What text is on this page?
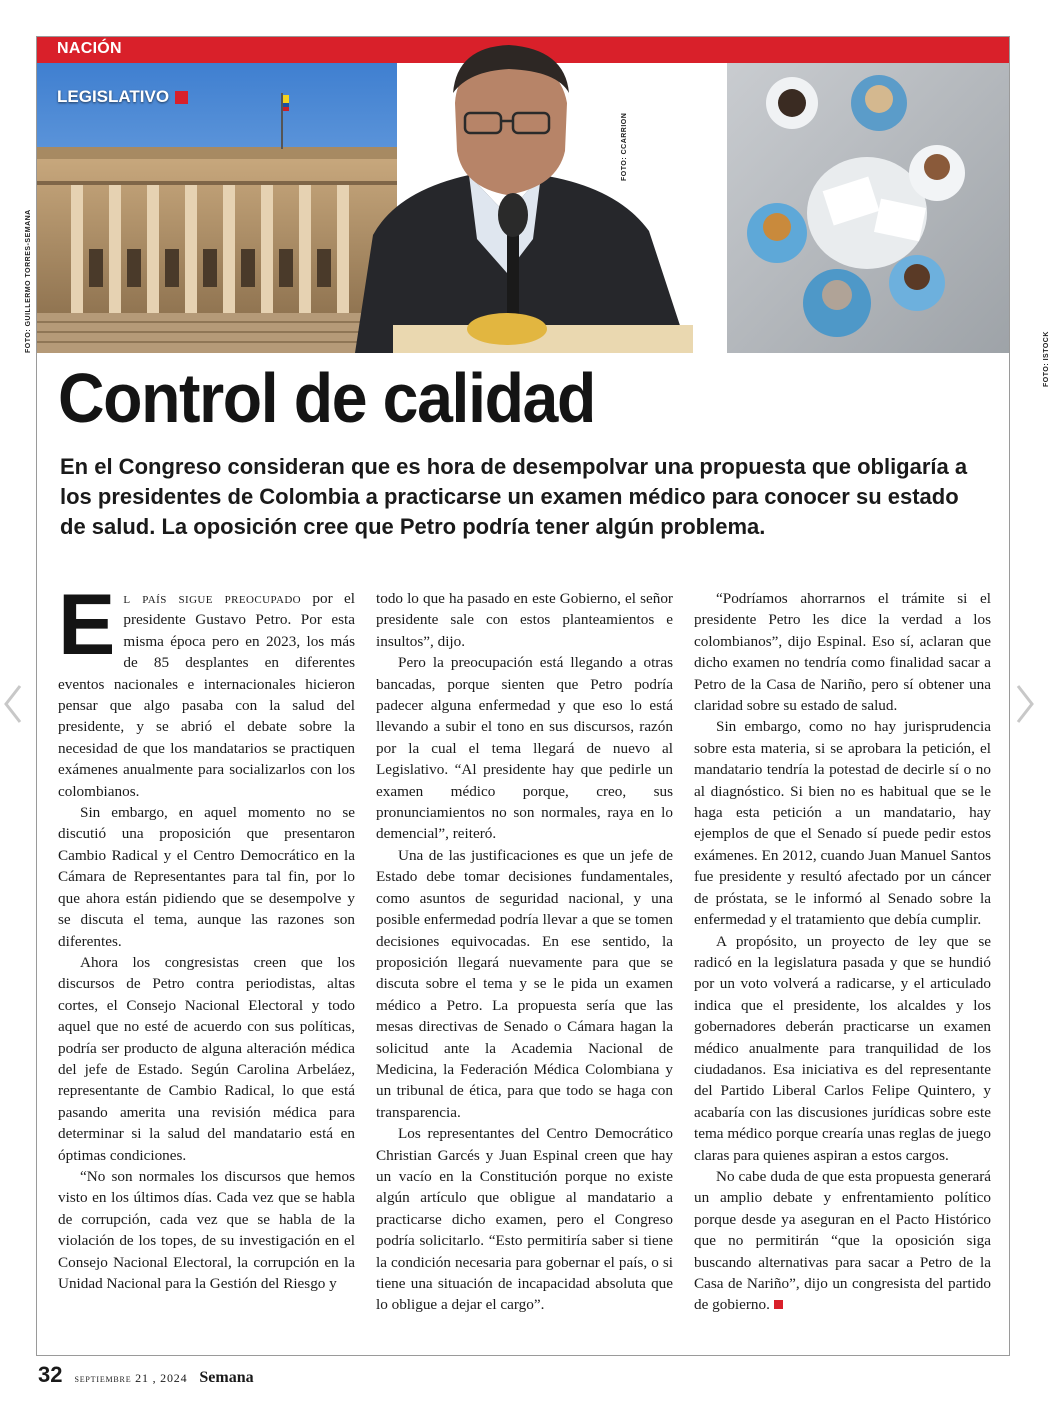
NACIÓN
LEGISLATIVO
FOTO: GUILLERMO TORRES-SEMANA
FOTO: CCARRION
FOTO: ISTOCK
Control de calidad
En el Congreso consideran que es hora de desempolvar una propuesta que obligaría a los presidentes de Colombia a practicarse un examen médico para conocer su estado de salud. La oposición cree que Petro podría tener algún problema.

El país sigue preocupado por el presidente Gustavo Petro. Por esta misma época pero en 2023, los más de 85 desplantes en diferentes eventos nacionales e internacionales hicieron pensar que algo pasaba con la salud del presidente, y se abrió el debate sobre la necesidad de que los mandatarios se practiquen exámenes anualmente para socializarlos con los colombianos.

Sin embargo, en aquel momento no se discutió una proposición que presentaron Cambio Radical y el Centro Democrático en la Cámara de Representantes para tal fin, por lo que ahora están pidiendo que se desempolve y se discuta el tema, aunque las razones son diferentes.

Ahora los congresistas creen que los discursos de Petro contra periodistas, altas cortes, el Consejo Nacional Electoral y todo aquel que no esté de acuerdo con sus políticas, podría ser producto de alguna alteración médica del jefe de Estado. Según Carolina Arbeláez, representante de Cambio Radical, lo que está pasando amerita una revisión médica para determinar si la salud del mandatario está en óptimas condiciones.

“No son normales los discursos que hemos visto en los últimos días. Cada vez que se habla de corrupción, cada vez que se habla de la violación de los topes, de su investigación en el Consejo Nacional Electoral, la corrupción en la Unidad Nacional para la Gestión del Riesgo y

todo lo que ha pasado en este Gobierno, el señor presidente sale con estos planteamientos e insultos”, dijo.

Pero la preocupación está llegando a otras bancadas, porque sienten que Petro podría padecer alguna enfermedad y que eso lo está llevando a subir el tono en sus discursos, razón por la cual el tema llegará de nuevo al Legislativo. “Al presidente hay que pedirle un examen médico porque, creo, sus pronunciamientos no son normales, raya en lo demencial”, reiteró.

Una de las justificaciones es que un jefe de Estado debe tomar decisiones fundamentales, como asuntos de seguridad nacional, y una posible enfermedad podría llevar a que se tomen decisiones equivocadas. En ese sentido, la proposición llegará nuevamente para que se discuta sobre el tema y se le pida un examen médico a Petro. La propuesta sería que las mesas directivas de Senado o Cámara hagan la solicitud ante la Academia Nacional de Medicina, la Federación Médica Colombiana y un tribunal de ética, para que todo se haga con transparencia.

Los representantes del Centro Democrático Christian Garcés y Juan Espinal creen que hay un vacío en la Constitución porque no existe algún artículo que obligue al mandatario a practicarse dicho examen, pero el Congreso podría solicitarlo. “Esto permitiría saber si tiene la condición necesaria para gobernar el país, o si tiene una situación de incapacidad absoluta que lo obligue a dejar el cargo”.

“Podríamos ahorrarnos el trámite si el presidente Petro les dice la verdad a los colombianos”, dijo Espinal. Eso sí, aclaran que dicho examen no tendría como finalidad sacar a Petro de la Casa de Nariño, pero sí obtener una claridad sobre su estado de salud.

Sin embargo, como no hay jurisprudencia sobre esta materia, si se aprobara la petición, el mandatario tendría la potestad de decirle sí o no al diagnóstico. Si bien no es habitual que se le haga esta petición a un mandatario, hay ejemplos de que el Senado sí puede pedir estos exámenes. En 2012, cuando Juan Manuel Santos fue presidente y resultó afectado por un cáncer de próstata, se le informó al Senado sobre la enfermedad y el tratamiento que debía cumplir.

A propósito, un proyecto de ley que se radicó en la legislatura pasada y que se hundió por un voto volverá a radicarse, y el articulado indica que el presidente, los alcaldes y los gobernadores deberán practicarse un examen médico anualmente para tranquilidad de los ciudadanos. Esa iniciativa es del representante del Partido Liberal Carlos Felipe Quintero, y acabaría con las discusiones jurídicas sobre este tema médico porque crearía unas reglas de juego claras para quienes aspiran a estos cargos.

No cabe duda de que esta propuesta generará un amplio debate y enfrentamiento político porque desde ya aseguran en el Pacto Histórico que no permitirán “que la oposición siga buscando alternativas para sacar a Petro de la Casa de Nariño”, dijo un congresista del partido de gobierno.

32 septiembre 21 , 2024 Semana
